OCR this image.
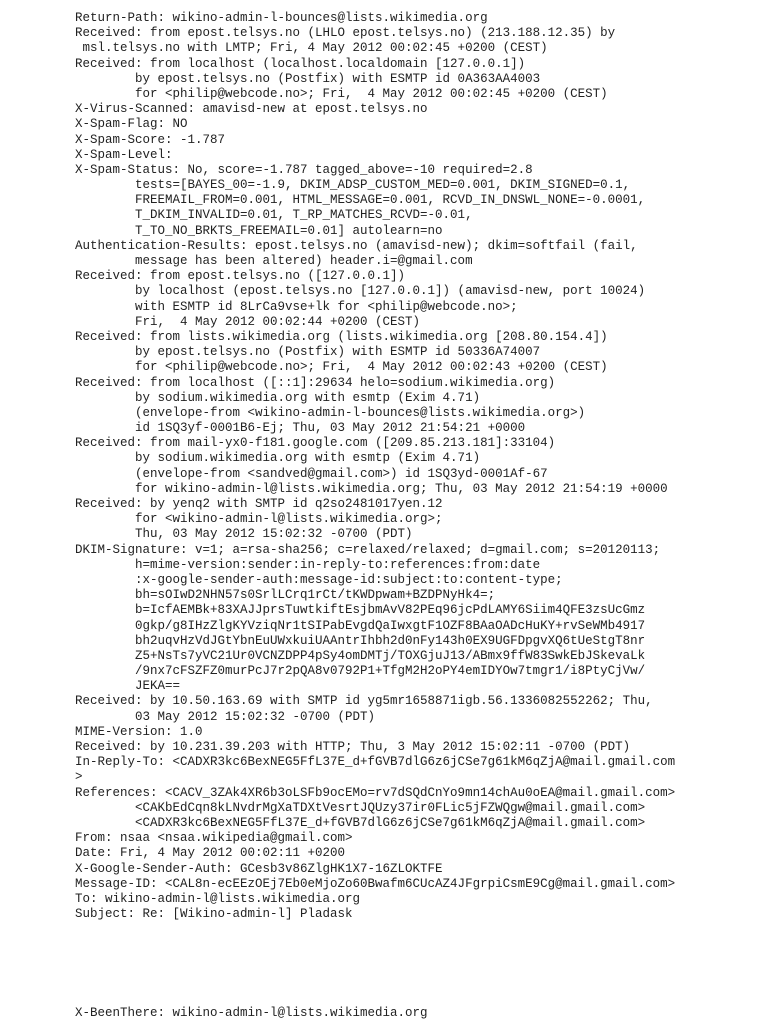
Return-Path: wikino-admin-l-bounces@lists.wikimedia.org
Received: from epost.telsys.no (LHLO epost.telsys.no) (213.188.12.35) by
msl.telsys.no with LMTP; Fri, 4 May 2012 00:02:45 +0200 (CEST)
Received: from localhost (localhost.localdomain [127.0.0.1])
by epost.telsys.no (Postfix) with ESMTP id 0A363AA4003
for <philip@webcode.no>; Fri,  4 May 2012 00:02:45 +0200 (CEST)
X-Virus-Scanned: amavisd-new at epost.telsys.no
X-Spam-Flag: NO
X-Spam-Score: -1.787
X-Spam-Level:
X-Spam-Status: No, score=-1.787 tagged_above=-10 required=2.8
tests=[BAYES_00=-1.9, DKIM_ADSP_CUSTOM_MED=0.001, DKIM_SIGNED=0.1,
FREEMAIL_FROM=0.001, HTML_MESSAGE=0.001, RCVD_IN_DNSWL_NONE=-0.0001,
T_DKIM_INVALID=0.01, T_RP_MATCHES_RCVD=-0.01,
T_TO_NO_BRKTS_FREEMAIL=0.01] autolearn=no
Authentication-Results: epost.telsys.no (amavisd-new); dkim=softfail (fail,
message has been altered) header.i=@gmail.com
Received: from epost.telsys.no ([127.0.0.1])
by localhost (epost.telsys.no [127.0.0.1]) (amavisd-new, port 10024)
with ESMTP id 8LrCa9vse+lk for <philip@webcode.no>;
Fri,  4 May 2012 00:02:44 +0200 (CEST)
Received: from lists.wikimedia.org (lists.wikimedia.org [208.80.154.4])
by epost.telsys.no (Postfix) with ESMTP id 50336A74007
for <philip@webcode.no>; Fri,  4 May 2012 00:02:43 +0200 (CEST)
Received: from localhost ([::1]:29634 helo=sodium.wikimedia.org)
by sodium.wikimedia.org with esmtp (Exim 4.71)
(envelope-from <wikino-admin-l-bounces@lists.wikimedia.org>)
id 1SQ3yf-0001B6-Ej; Thu, 03 May 2012 21:54:21 +0000
Received: from mail-yx0-f181.google.com ([209.85.213.181]:33104)
by sodium.wikimedia.org with esmtp (Exim 4.71)
(envelope-from <sandved@gmail.com>) id 1SQ3yd-0001Af-67
for wikino-admin-l@lists.wikimedia.org; Thu, 03 May 2012 21:54:19 +0000
Received: by yenq2 with SMTP id q2so2481017yen.12
for <wikino-admin-l@lists.wikimedia.org>;
Thu, 03 May 2012 15:02:32 -0700 (PDT)
DKIM-Signature: v=1; a=rsa-sha256; c=relaxed/relaxed; d=gmail.com; s=20120113;
h=mime-version:sender:in-reply-to:references:from:date
:x-google-sender-auth:message-id:subject:to:content-type;
bh=sOIwD2NHN57s0SrlLCrq1rCt/tKWDpwam+BZDPNyHk4=;
b=IcfAEMBk+83XAJJprsTuwtkiftEsjbmAvV82PEq96jcPdLAMY6Siim4QFE3zsUcGmz
0gkp/g8IHzZlgKYVziqNr1tSIPabEvgdQaIwxgtF1OZF8BAaOADcHuKY+rvSeWMb4917
bh2uqvHzVdJGtYbnEuUWxkuiUAAntrIhbh2d0nFy143h0EX9UGFDpgvXQ6tUeStgT8nr
Z5+NsTs7yVC21Ur0VCNZDPP4pSy4omDMTj/TOXGjuJ13/ABmx9ffW83SwkEbJSkevaLk
/9nx7cFSZFZ0murPcJ7r2pQA8v0792P1+TfgM2H2oPY4emIDYOw7tmgr1/i8PtyCjVw/
JEKA==
Received: by 10.50.163.69 with SMTP id yg5mr1658871igb.56.1336082552262; Thu,
03 May 2012 15:02:32 -0700 (PDT)
MIME-Version: 1.0
Received: by 10.231.39.203 with HTTP; Thu, 3 May 2012 15:02:11 -0700 (PDT)
In-Reply-To: <CADXR3kc6BexNEG5FfL37E_d+fGVB7dlG6z6jCSe7g61kM6qZjA@mail.gmail.com
>
References: <CACV_3ZAk4XR6b3oLSFb9ocEMo=rv7dSQdCnYo9mn14chAu0oEA@mail.gmail.com>
<CAKbEdCqn8kLNvdrMgXaTDXtVesrtJQUzy37ir0FLic5jFZWQgw@mail.gmail.com>
<CADXR3kc6BexNEG5FfL37E_d+fGVB7dlG6z6jCSe7g61kM6qZjA@mail.gmail.com>
From: nsaa <nsaa.wikipedia@gmail.com>
Date: Fri, 4 May 2012 00:02:11 +0200
X-Google-Sender-Auth: GCesb3v86ZlgHK1X7-16ZLOKTFE
Message-ID: <CAL8n-ecEEzOEj7Eb0eMjoZo60Bwafm6CUcAZ4JFgrpiCsmE9Cg@mail.gmail.com>
To: wikino-admin-l@lists.wikimedia.org
Subject: Re: [Wikino-admin-l] Pladask
X-BeenThere: wikino-admin-l@lists.wikimedia.org
